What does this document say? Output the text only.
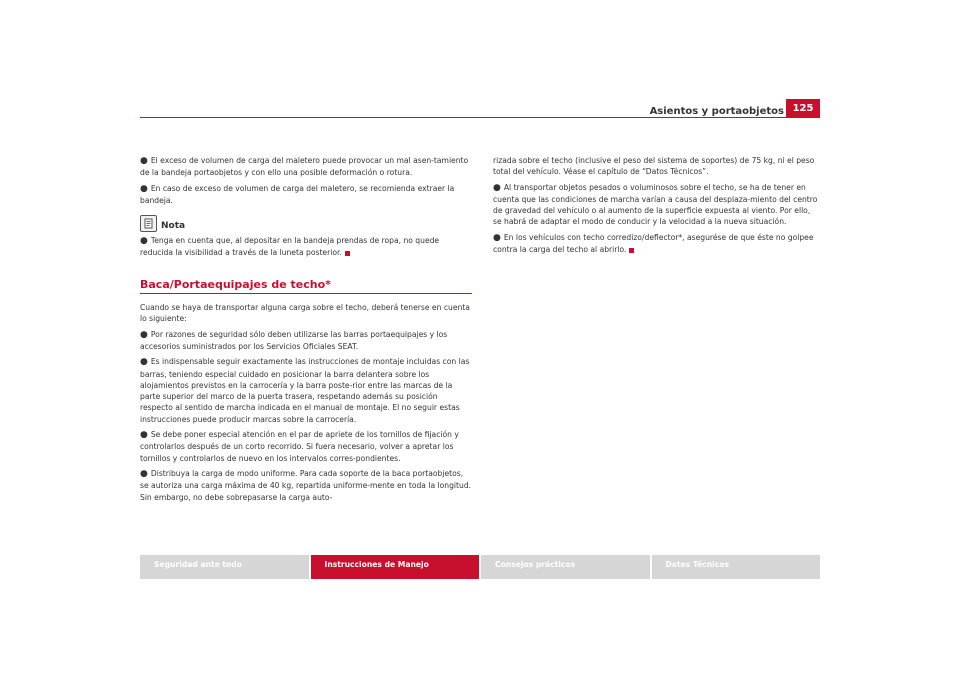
Asientos y portaobjetos 125

● El exceso de volumen de carga del maletero puede provocar un mal asen-tamiento de la bandeja portaobjetos y con ello una posible deformación o rotura.

● En caso de exceso de volumen de carga del maletero, se recomienda extraer la bandeja.

Nota

● Tenga en cuenta que, al depositar en la bandeja prendas de ropa, no quede reducida la visibilidad a través de la luneta posterior.

Baca/Portaequipajes de techo*

Cuando se haya de transportar alguna carga sobre el techo, deberá tenerse en cuenta lo siguiente:

● Por razones de seguridad sólo deben utilizarse las barras portaequipajes y los accesorios suministrados por los Servicios Oficiales SEAT.

● Es indispensable seguir exactamente las instrucciones de montaje incluidas con las barras, teniendo especial cuidado en posicionar la barra delantera sobre los alojamientos previstos en la carrocería y la barra poste-rior entre las marcas de la parte superior del marco de la puerta trasera, respetando además su posición respecto al sentido de marcha indicada en el manual de montaje. El no seguir estas instrucciones puede producir marcas sobre la carrocería.

● Se debe poner especial atención en el par de apriete de los tornillos de fijación y controlarlos después de un corto recorrido. Si fuera necesario, volver a apretar los tornillos y controlarlos de nuevo en los intervalos corres-pondientes.

● Distribuya la carga de modo uniforme. Para cada soporte de la baca portaobjetos, se autoriza una carga máxima de 40 kg, repartida uniforme-mente en toda la longitud. Sin embargo, no debe sobrepasarse la carga auto-

rizada sobre el techo (inclusive el peso del sistema de soportes) de 75 kg, ni el peso total del vehículo. Véase el capítulo de “Datos Técnicos”.

● Al transportar objetos pesados o voluminosos sobre el techo, se ha de tener en cuenta que las condiciones de marcha varían a causa del desplaza-miento del centro de gravedad del vehículo o al aumento de la superficie expuesta al viento. Por ello, se habrá de adaptar el modo de conducir y la velocidad a la nueva situación.

● En los vehículos con techo corredizo/deflector*, asegurése de que éste no golpee contra la carga del techo al abrirlo.

Seguridad ante todo	Instrucciones de Manejo	Consejos prácticos	Datos Técnicos
